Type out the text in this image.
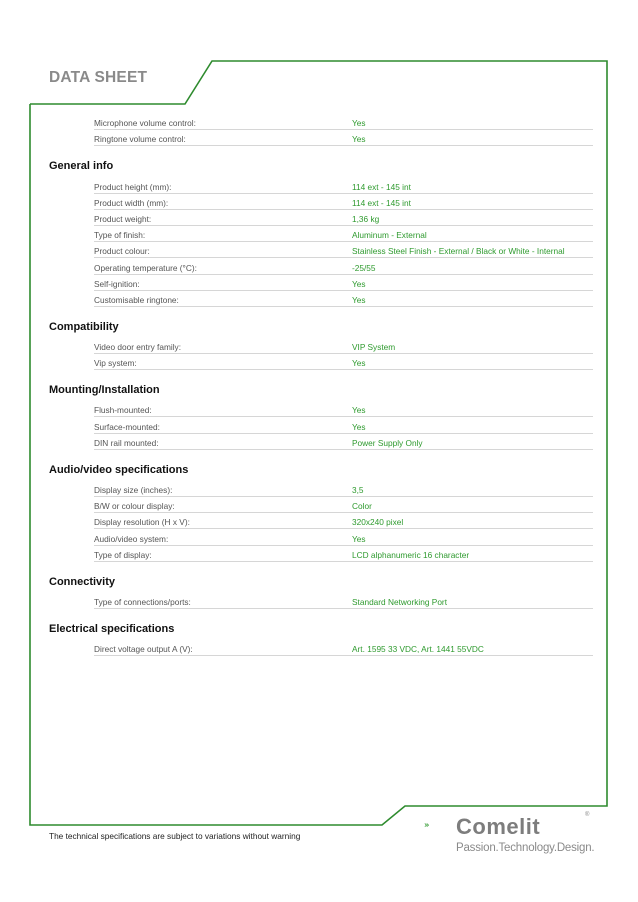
DATA SHEET
Microphone volume control:	Yes
Ringtone volume control:	Yes
General info
Product height (mm):	114 ext - 145 int
Product width (mm):	114 ext - 145 int
Product weight:	1,36 kg
Type of finish:	Aluminum - External
Product colour:	Stainless Steel Finish - External / Black or White - Internal
Operating temperature (°C):	-25/55
Self-ignition:	Yes
Customisable ringtone:	Yes
Compatibility
Video door entry family:	VIP System
Vip system:	Yes
Mounting/Installation
Flush-mounted:	Yes
Surface-mounted:	Yes
DIN rail mounted:	Power Supply Only
Audio/video specifications
Display size (inches):	3,5
B/W or colour display:	Color
Display resolution (H x V):	320x240 pixel
Audio/video system:	Yes
Type of display:	LCD alphanumeric 16 character
Connectivity
Type of connections/ports:	Standard Networking Port
Electrical specifications
Direct voltage output A (V):	Art. 1595 33 VDC, Art. 1441 55VDC
The technical specifications are subject to variations without warning	Comelit	®
Passion.Technology.Design.
